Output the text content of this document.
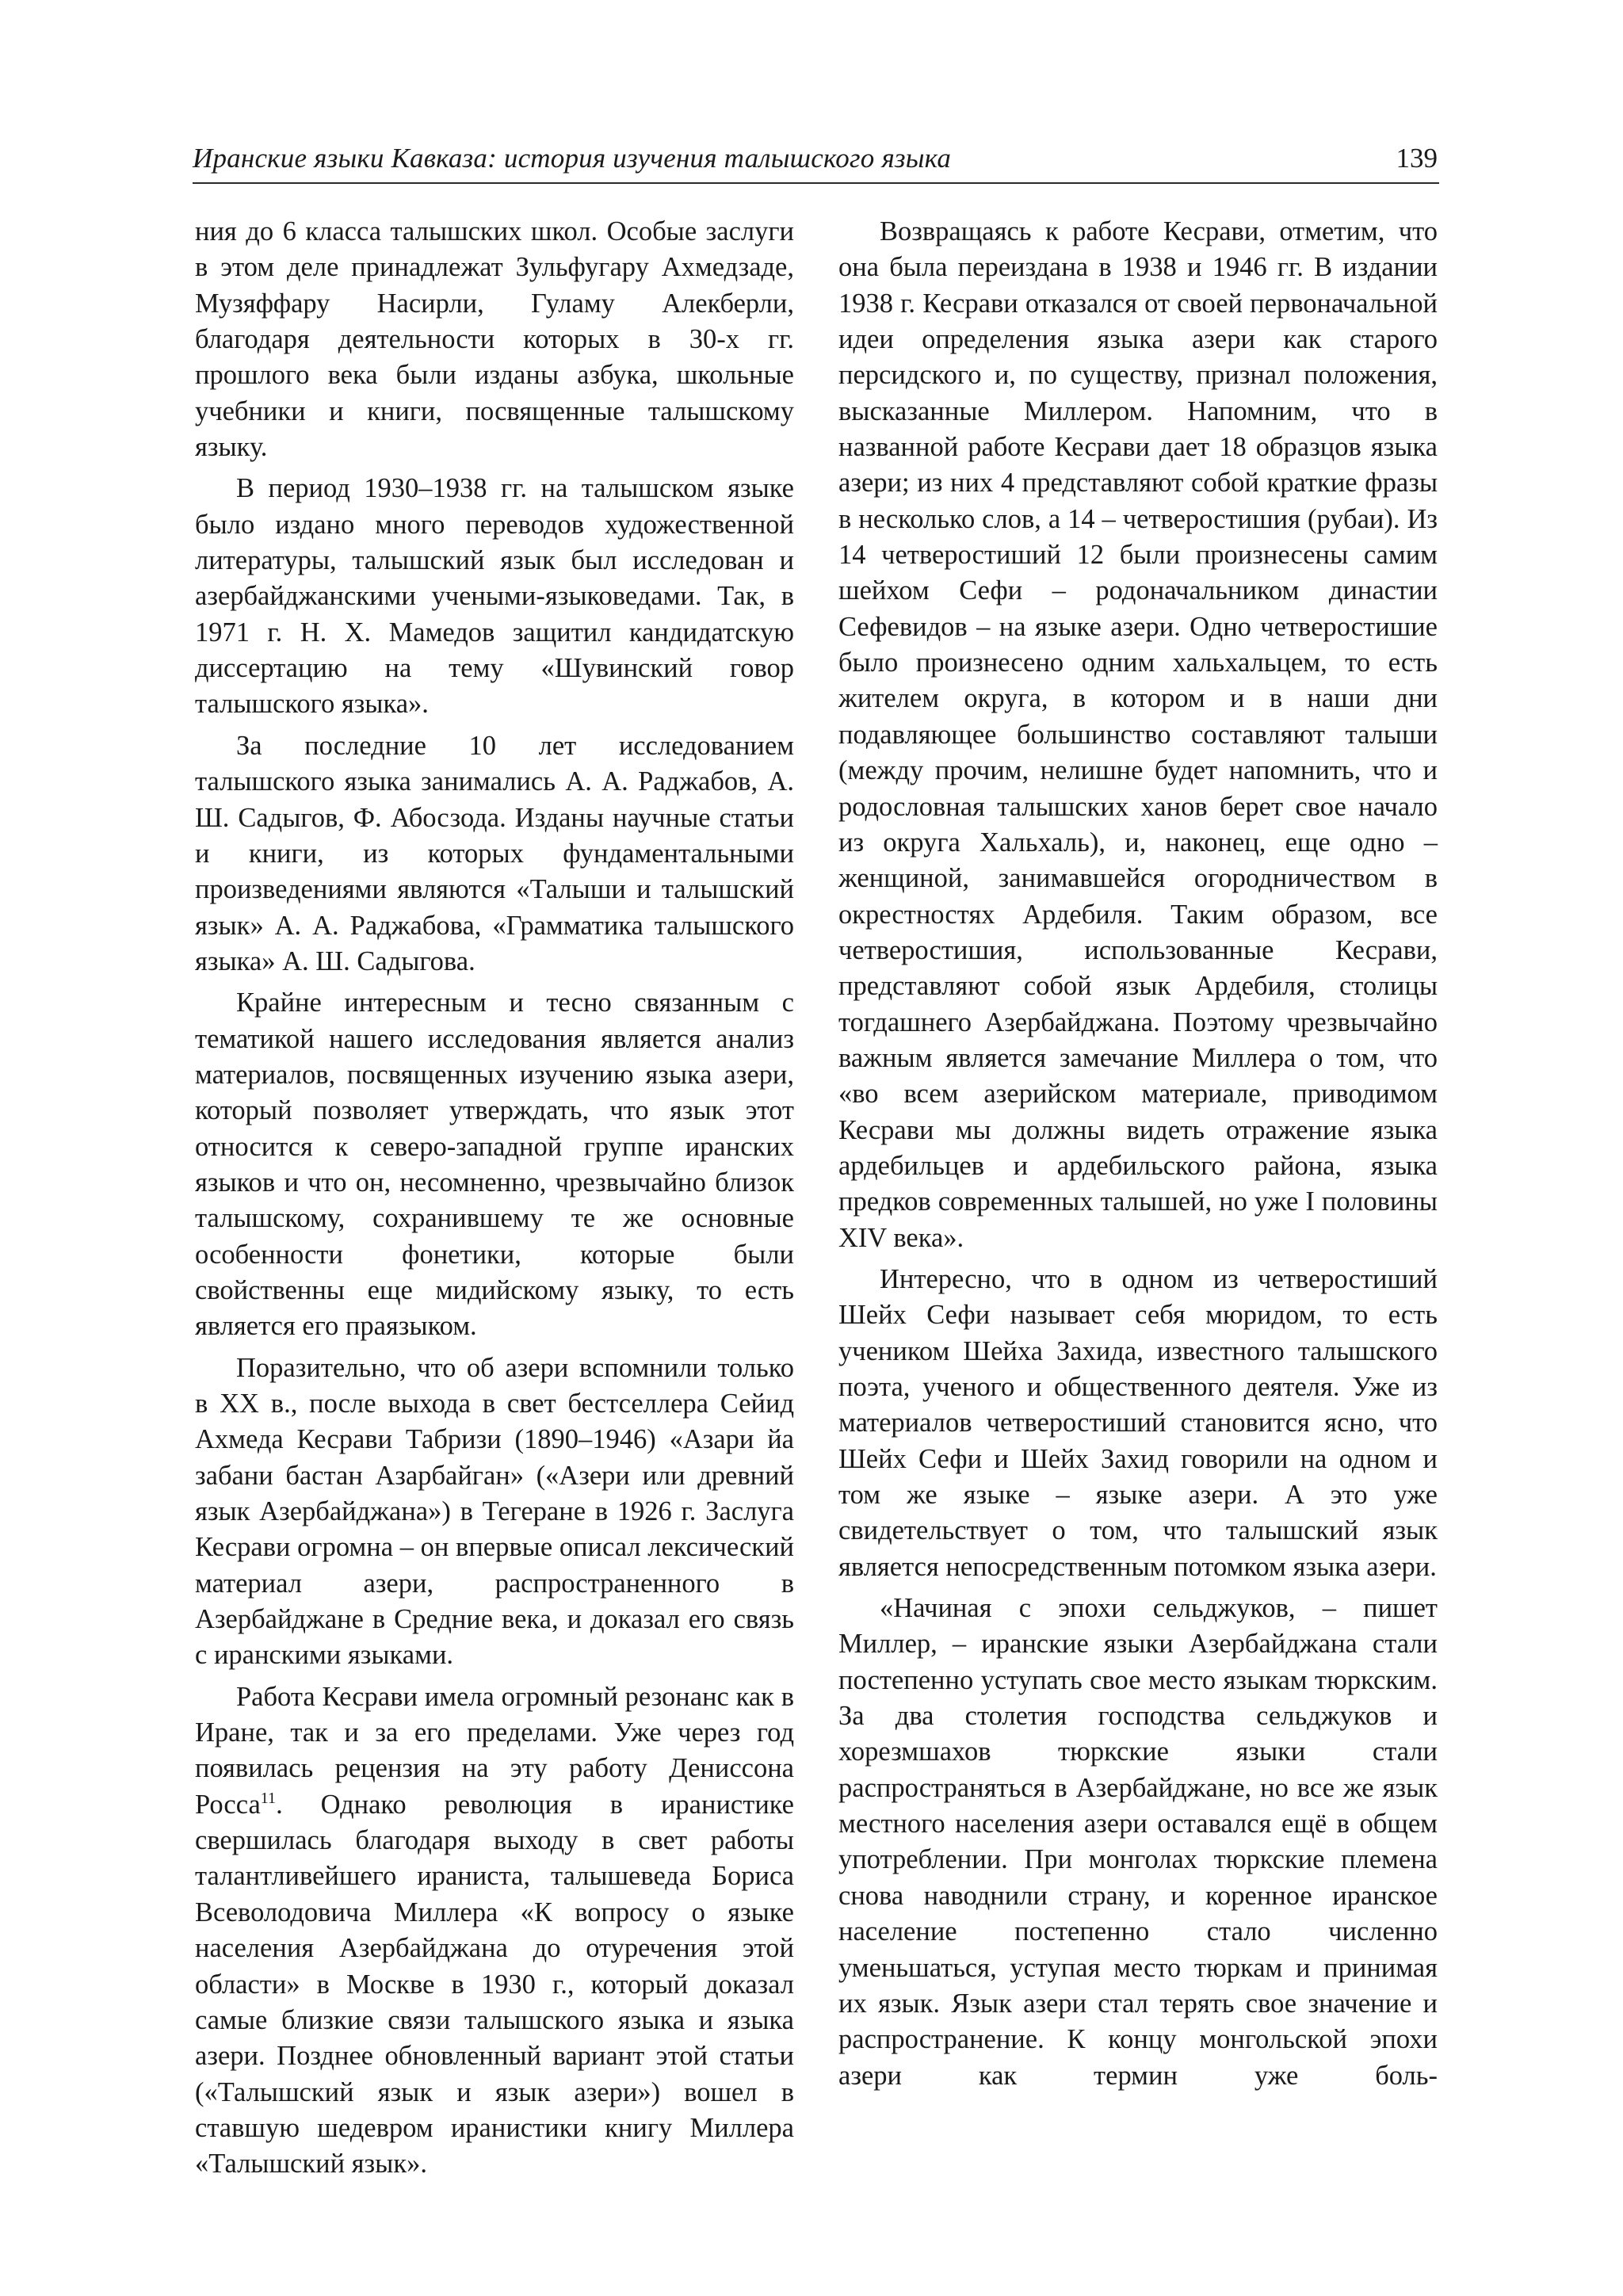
Иранские языки Кавказа: история изучения талышского языка	139

ния до 6 класса талышских школ. Особые заслуги в этом деле принадлежат Зульфугару Ахмедзаде, Музяффару Насирли, Гуламу Алекберли, благодаря деятельности которых в 30-х гг. прошлого века были изданы азбука, школьные учебники и книги, посвященные талышскому языку.

В период 1930–1938 гг. на талышском языке было издано много переводов художественной литературы, талышский язык был исследован и азербайджанскими учеными-языковедами. Так, в 1971 г. Н. Х. Мамедов защитил кандидатскую диссертацию на тему «Шувинский говор талышского языка».

За последние 10 лет исследованием талышского языка занимались А. А. Раджабов, А. Ш. Садыгов, Ф. Абосзода. Изданы научные статьи и книги, из которых фундаментальными произведениями являются «Талыши и талышский язык» А. А. Раджабова, «Грамматика талышского языка» А. Ш. Садыгова.

Крайне интересным и тесно связанным с тематикой нашего исследования является анализ материалов, посвященных изучению языка азери, который позволяет утверждать, что язык этот относится к северо-западной группе иранских языков и что он, несомненно, чрезвычайно близок талышскому, сохранившему те же основные особенности фонетики, которые были свойственны еще мидийскому языку, то есть является его праязыком.

Поразительно, что об азери вспомнили только в XX в., после выхода в свет бестселлера Сейид Ахмеда Кесрави Табризи (1890–1946) «Азари йа забани бастан Азарбайган» («Азери или древний язык Азербайджана») в Тегеране в 1926 г. Заслуга Кесрави огромна – он впервые описал лексический материал азери, распространенного в Азербайджане в Средние века, и доказал его связь с иранскими языками.

Работа Кесрави имела огромный резонанс как в Иране, так и за его пределами. Уже через год появилась рецензия на эту работу Дениссона Росса$^{11}$. Однако революция в иранистике свершилась благодаря выходу в свет работы талантливейшего ираниста, талышеведа Бориса Всеволодовича Миллера «К вопросу о языке населения Азербайджана до отуречения этой области» в Москве в 1930 г., который доказал самые близкие связи талышского языка и языка азери. Позднее обновленный вариант этой статьи («Талышский язык и язык азери») вошел в ставшую шедевром иранистики книгу Миллера «Талышский язык».

Возвращаясь к работе Кесрави, отметим, что она была переиздана в 1938 и 1946 гг. В издании 1938 г. Кесрави отказался от своей первоначальной идеи определения языка азери как старого персидского и, по существу, признал положения, высказанные Миллером. Напомним, что в названной работе Кесрави дает 18 образцов языка азери; из них 4 представляют собой краткие фразы в несколько слов, а 14 – четверостишия (рубаи). Из 14 четверостиший 12 были произнесены самим шейхом Сефи – родоначальником династии Сефевидов – на языке азери. Одно четверостишие было произнесено одним хальхальцем, то есть жителем округа, в котором и в наши дни подавляющее большинство составляют талыши (между прочим, нелишне будет напомнить, что и родословная талышских ханов берет свое начало из округа Хальхаль), и, наконец, еще одно – женщиной, занимавшейся огородничеством в окрестностях Ардебиля. Таким образом, все четверостишия, использованные Кесрави, представляют собой язык Ардебиля, столицы тогдашнего Азербайджана. Поэтому чрезвычайно важным является замечание Миллера о том, что «во всем азерийском материале, приводимом Кесрави мы должны видеть отражение языка ардебильцев и ардебильского района, языка предков современных талышей, но уже I половины XIV века».

Интересно, что в одном из четверостиший Шейх Сефи называет себя мюридом, то есть учеником Шейха Захида, известного талышского поэта, ученого и общественного деятеля. Уже из материалов четверостиший становится ясно, что Шейх Сефи и Шейх Захид говорили на одном и том же языке – языке азери. А это уже свидетельствует о том, что талышский язык является непосредственным потомком языка азери.

«Начиная с эпохи сельджуков, – пишет Миллер, – иранские языки Азербайджана стали постепенно уступать свое место языкам тюркским. За два столетия господства сельджуков и хорезмшахов тюркские языки стали распространяться в Азербайджане, но все же язык местного населения азери оставался ещё в общем употреблении. При монголах тюркские племена снова наводнили страну, и коренное иранское население постепенно стало численно уменьшаться, уступая место тюркам и принимая их язык. Язык азери стал терять свое значение и распространение. К концу монгольской эпохи азери как термин уже боль-
